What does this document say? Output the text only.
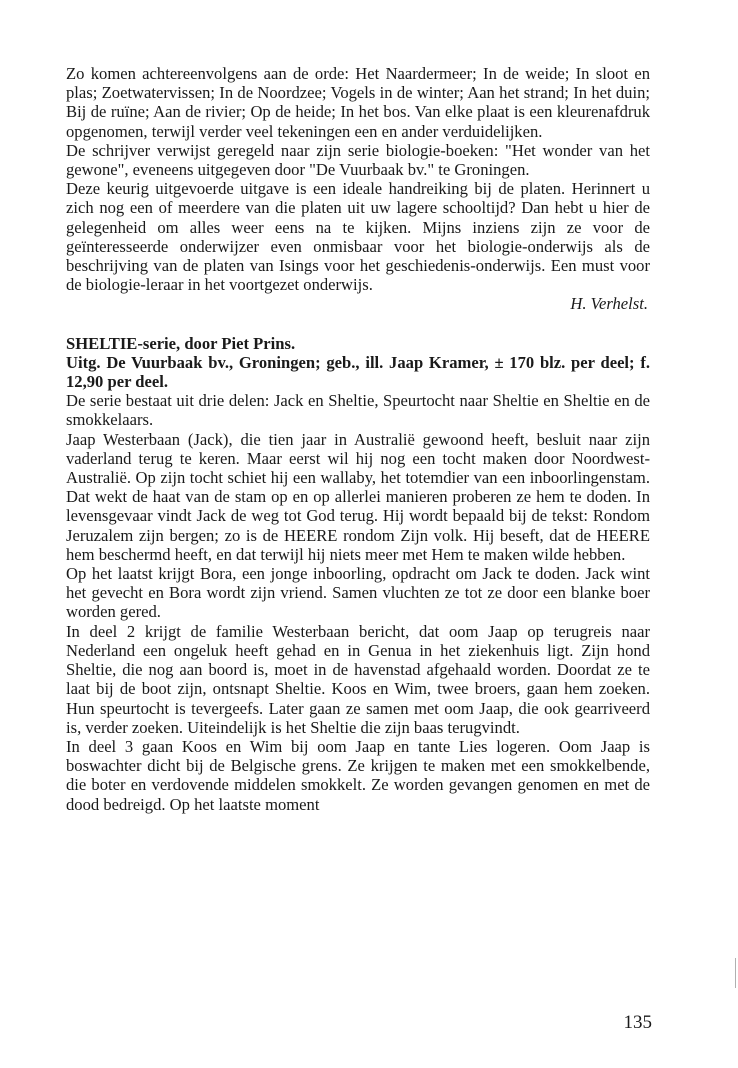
Zo komen achtereenvolgens aan de orde: Het Naardermeer; In de weide; In sloot en plas; Zoetwatervissen; In de Noordzee; Vogels in de winter; Aan het strand; In het duin; Bij de ruïne; Aan de rivier; Op de heide; In het bos. Van elke plaat is een kleurenafdruk opgenomen, terwijl verder veel tekeningen een en ander verduidelijken.

De schrijver verwijst geregeld naar zijn serie biologie-boeken: "Het wonder van het gewone", eveneens uitgegeven door "De Vuurbaak bv." te Groningen.

Deze keurig uitgevoerde uitgave is een ideale handreiking bij de platen. Herinnert u zich nog een of meerdere van die platen uit uw lagere schooltijd? Dan hebt u hier de gelegenheid om alles weer eens na te kijken. Mijns inziens zijn ze voor de geïnteresseerde onderwijzer even onmisbaar voor het biologie-onderwijs als de beschrijving van de platen van Isings voor het geschiedenis-onderwijs. Een must voor de biologie-leraar in het voortgezet onderwijs.

H. Verhelst.

SHELTIE-serie, door Piet Prins.

Uitg. De Vuurbaak bv., Groningen; geb., ill. Jaap Kramer, ± 170 blz. per deel; f. 12,90 per deel.

De serie bestaat uit drie delen: Jack en Sheltie, Speurtocht naar Sheltie en Sheltie en de smokkelaars.

Jaap Westerbaan (Jack), die tien jaar in Australië gewoond heeft, besluit naar zijn vaderland terug te keren. Maar eerst wil hij nog een tocht maken door Noordwest-Australië. Op zijn tocht schiet hij een wallaby, het totemdier van een inboorlingenstam. Dat wekt de haat van de stam op en op allerlei manieren proberen ze hem te doden. In levensgevaar vindt Jack de weg tot God terug. Hij wordt bepaald bij de tekst: Rondom Jeruzalem zijn bergen; zo is de HEERE rondom Zijn volk. Hij beseft, dat de HEERE hem beschermd heeft, en dat terwijl hij niets meer met Hem te maken wilde hebben.

Op het laatst krijgt Bora, een jonge inboorling, opdracht om Jack te doden. Jack wint het gevecht en Bora wordt zijn vriend. Samen vluchten ze tot ze door een blanke boer worden gered.

In deel 2 krijgt de familie Westerbaan bericht, dat oom Jaap op terugreis naar Nederland een ongeluk heeft gehad en in Genua in het ziekenhuis ligt. Zijn hond Sheltie, die nog aan boord is, moet in de havenstad afgehaald worden. Doordat ze te laat bij de boot zijn, ontsnapt Sheltie. Koos en Wim, twee broers, gaan hem zoeken. Hun speurtocht is tevergeefs. Later gaan ze samen met oom Jaap, die ook gearriveerd is, verder zoeken. Uiteindelijk is het Sheltie die zijn baas terugvindt.

In deel 3 gaan Koos en Wim bij oom Jaap en tante Lies logeren. Oom Jaap is boswachter dicht bij de Belgische grens. Ze krijgen te maken met een smokkelbende, die boter en verdovende middelen smokkelt. Ze worden gevangen genomen en met de dood bedreigd. Op het laatste moment

135
